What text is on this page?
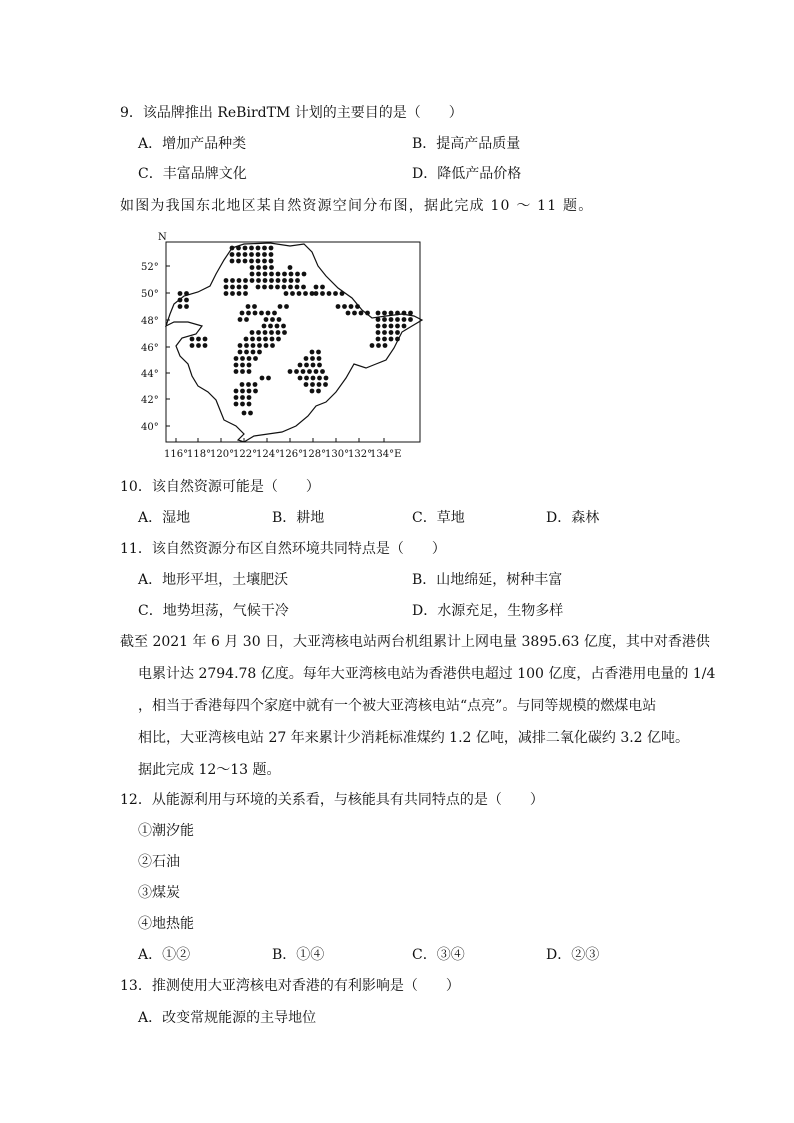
9．该品牌推出 ReBirdTM 计划的主要目的是（　　）
A．增加产品种类	B．提高产品质量
C．丰富品牌文化	D．降低产品价格
如图为我国东北地区某自然资源空间分布图，据此完成 10 ～ 11 题。
N
52°
50°
48°
46°
44°
42°
40°
116°
118°
120°
122°
124°
126°
128°
130°
132°
134°E
10．该自然资源可能是（　　）
A．湿地	B．耕地	C．草地	D．森林
11．该自然资源分布区自然环境共同特点是（　　）
A．地形平坦，土壤肥沃	B．山地绵延，树种丰富
C．地势坦荡，气候干冷	D．水源充足，生物多样
截至 2021 年 6 月 30 日，大亚湾核电站两台机组累计上网电量 3895.63 亿度，其中对香港供
电累计达 2794.78 亿度。每年大亚湾核电站为香港供电超过 100 亿度，占香港用电量的 1/4
，相当于香港每四个家庭中就有一个被大亚湾核电站“点亮”。与同等规模的燃煤电站
相比，大亚湾核电站 27 年来累计少消耗标准煤约 1.2 亿吨，减排二氧化碳约 3.2 亿吨。
据此完成 12～13 题。
12．从能源利用与环境的关系看，与核能具有共同特点的是（　　）
①潮汐能
②石油
③煤炭
④地热能
A．①②	B．①④	C．③④	D．②③
13．推测使用大亚湾核电对香港的有利影响是（　　）
A．改变常规能源的主导地位
